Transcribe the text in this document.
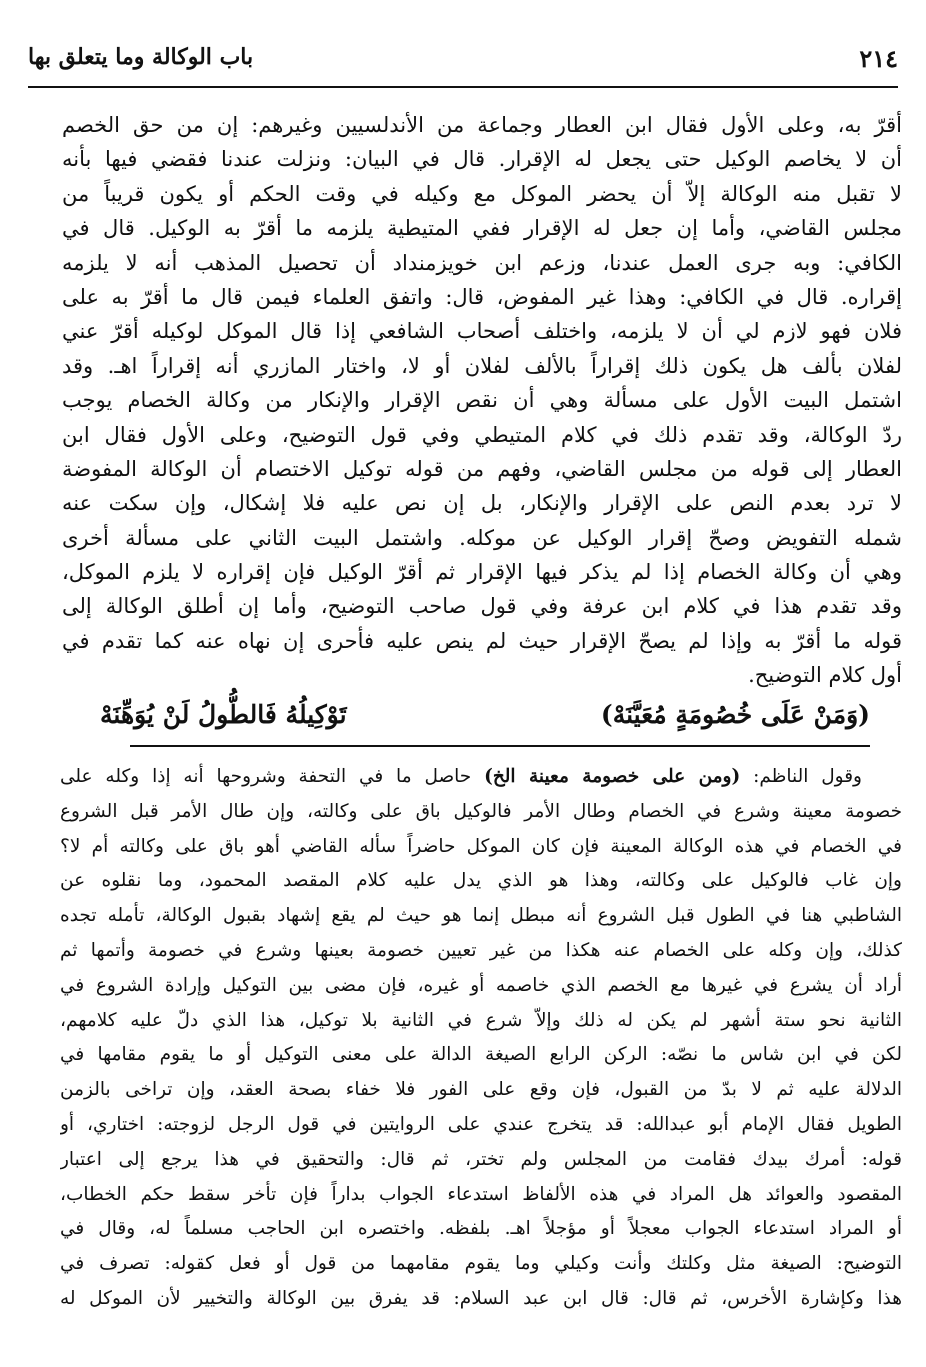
٢١٤
باب الوكالة وما يتعلق بها
أقرّ به، وعلى الأول فقال ابن العطار وجماعة من الأندلسيين وغيرهم: إن من حق الخصم
أن لا يخاصم الوكيل حتى يجعل له الإقرار. قال في البيان: ونزلت عندنا فقضي فيها بأنه
لا تقبل منه الوكالة إلاّ أن يحضر الموكل مع وكيله في وقت الحكم أو يكون قريباً من
مجلس القاضي، وأما إن جعل له الإقرار ففي المتيطية يلزمه ما أقرّ به الوكيل. قال في
الكافي: وبه جرى العمل عندنا، وزعم ابن خويزمنداد أن تحصيل المذهب أنه لا يلزمه
إقراره. قال في الكافي: وهذا غير المفوض، قال: واتفق العلماء فيمن قال ما أقرّ به على
فلان فهو لازم لي أن لا يلزمه، واختلف أصحاب الشافعي إذا قال الموكل لوكيله أقرّ عني
لفلان بألف هل يكون ذلك إقراراً بالألف لفلان أو لا، واختار المازري أنه إقراراً اهـ. وقد
اشتمل البيت الأول على مسألة وهي أن نقص الإقرار والإنكار من وكالة الخصام يوجب
ردّ الوكالة، وقد تقدم ذلك في كلام المتيطي وفي قول التوضيح، وعلى الأول فقال ابن
العطار إلى قوله من مجلس القاضي، وفهم من قوله توكيل الاختصام أن الوكالة المفوضة
لا ترد بعدم النص على الإقرار والإنكار، بل إن نص عليه فلا إشكال، وإن سكت عنه
شمله التفويض وصحّ إقرار الوكيل عن موكله. واشتمل البيت الثاني على مسألة أخرى
وهي أن وكالة الخصام إذا لم يذكر فيها الإقرار ثم أقرّ الوكيل فإن إقراره لا يلزم الموكل،
وقد تقدم هذا في كلام ابن عرفة وفي قول صاحب التوضيح، وأما إن أطلق الوكالة إلى
قوله ما أقرّ به وإذا لم يصحّ الإقرار حيث لم ينص عليه فأحرى إن نهاه عنه كما تقدم في
أول كلام التوضيح.
(وَمَنْ عَلَى خُصُومَةٍ مُعَيَّنَهْ)
تَوْكِيلُهُ فَالطُّولُ لَنْ يُوَهِّنَهْ
وقول الناظم: (ومن على خصومة معينة الخ) حاصل ما في التحفة وشروحها أنه إذا وكله على
خصومة معينة وشرع في الخصام وطال الأمر فالوكيل باق على وكالته، وإن طال الأمر قبل الشروع
في الخصام في هذه الوكالة المعينة فإن كان الموكل حاضراً سأله القاضي أهو باق على وكالته أم لا؟
وإن غاب فالوكيل على وكالته، وهذا هو الذي يدل عليه كلام المقصد المحمود، وما نقلوه عن
الشاطبي هنا في الطول قبل الشروع أنه مبطل إنما هو حيث لم يقع إشهاد بقبول الوكالة، تأمله تجده
كذلك، وإن وكله على الخصام عنه هكذا من غير تعيين خصومة بعينها وشرع في خصومة وأتمها ثم
أراد أن يشرع في غيرها مع الخصم الذي خاصمه أو غيره، فإن مضى بين التوكيل وإرادة الشروع في
الثانية نحو ستة أشهر لم يكن له ذلك وإلاّ شرع في الثانية بلا توكيل، هذا الذي دلّ عليه كلامهم،
لكن في ابن شاس ما نصّه: الركن الرابع الصيغة الدالة على معنى التوكيل أو ما يقوم مقامها في
الدلالة عليه ثم لا بدّ من القبول، فإن وقع على الفور فلا خفاء بصحة العقد، وإن تراخى بالزمن
الطويل فقال الإمام أبو عبدالله: قد يتخرج عندي على الروايتين في قول الرجل لزوجته: اختاري، أو
قوله: أمرك بيدك فقامت من المجلس ولم تختر، ثم قال: والتحقيق في هذا يرجع إلى اعتبار
المقصود والعوائد هل المراد في هذه الألفاظ استدعاء الجواب بداراً فإن تأخر سقط حكم الخطاب،
أو المراد استدعاء الجواب معجلاً أو مؤجلاً اهـ. بلفظه. واختصره ابن الحاجب مسلماً له، وقال في
التوضيح: الصيغة مثل وكلتك وأنت وكيلي وما يقوم مقامهما من قول أو فعل كقوله: تصرف في
هذا وكإشارة الأخرس، ثم قال: قال ابن عبد السلام: قد يفرق بين الوكالة والتخيير لأن الموكل له
